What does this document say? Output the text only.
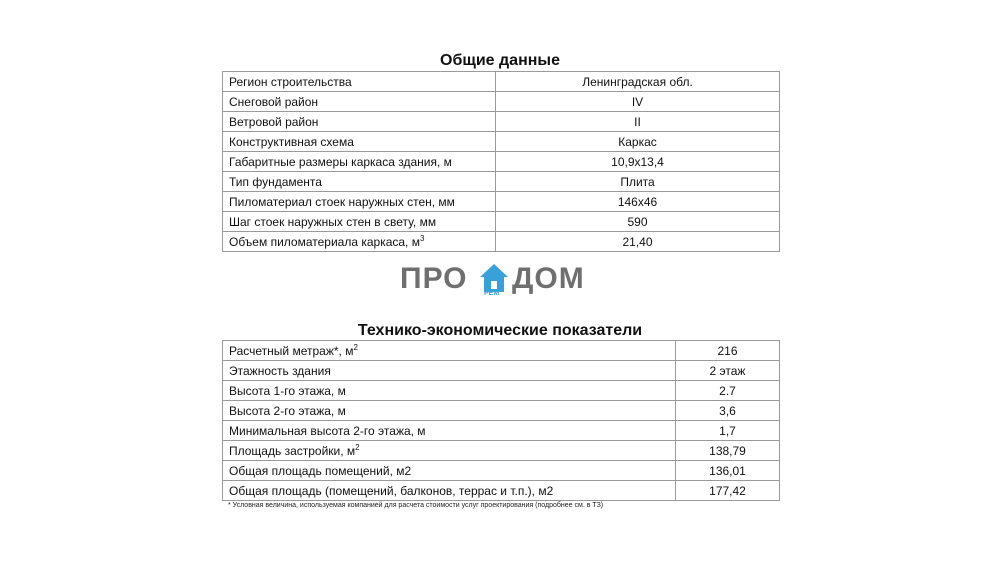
Общие данные
Регион строительства	Ленинградская обл.
Снеговой район	IV
Ветровой район	II
Конструктивная схема	Каркас
Габаритные размеры каркаса здания, м	10,9х13,4
Тип фундамента	Плита
Пиломатериал стоек наружных стен, мм	146х46
Шаг стоек наружных стен в свету, мм	590
Объем пиломатериала каркаса, $м^3$	21,40
ПРО РЕМ ДОМ
Технико-экономические показатели
Расчетный метраж*, $м^2$	216
Этажность здания	2 этаж
Высота 1-го этажа, м	2.7
Высота 2-го этажа, м	3,6
Минимальная высота 2-го этажа, м	1,7
Площадь застройки, $м^2$	138,79
Общая площадь помещений, м2	136,01
Общая площадь (помещений, балконов, террас и т.п.), м2	177,42
* Условная величина, используемая компанией для расчета стоимости услуг проектирования (подробнее см. в ТЗ)
